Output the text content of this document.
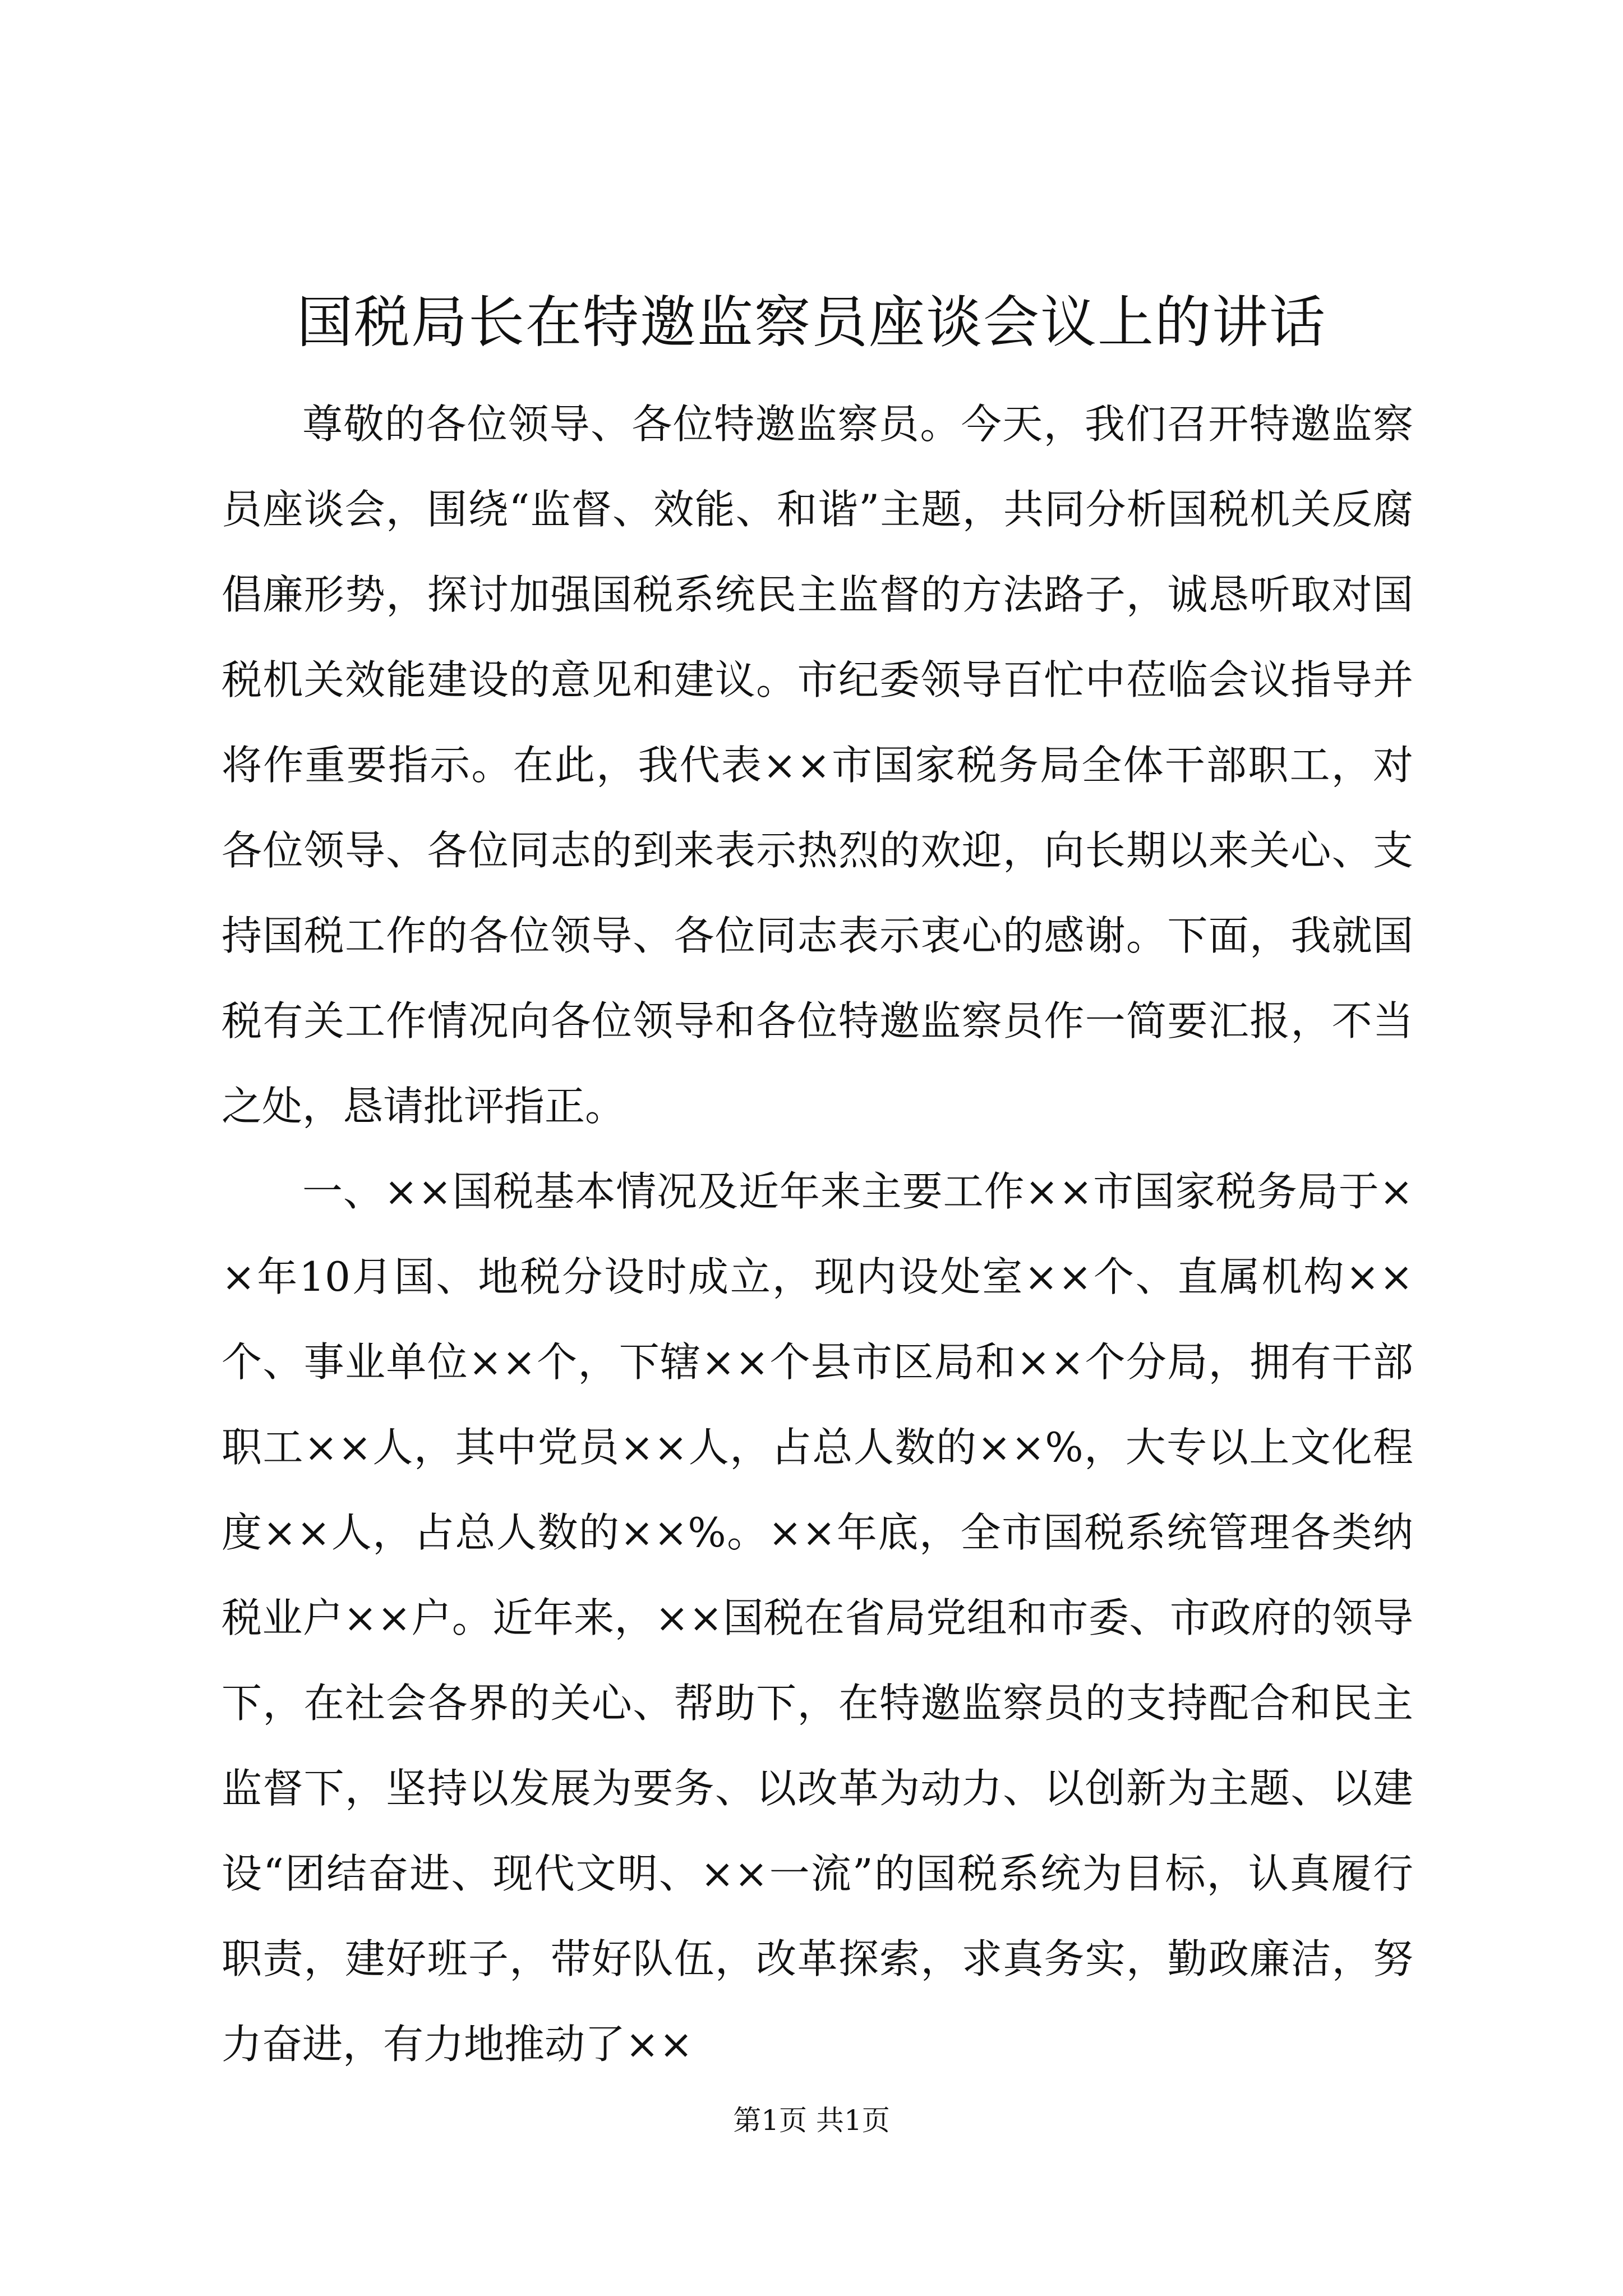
国税局长在特邀监察员座谈会议上的讲话

尊敬的各位领导、各位特邀监察员。今天，我们召开特邀监察员座谈会，围绕“监督、效能、和谐”主题，共同分析国税机关反腐倡廉形势，探讨加强国税系统民主监督的方法路子，诚恳听取对国税机关效能建设的意见和建议。市纪委领导百忙中莅临会议指导并将作重要指示。在此，我代表××市国家税务局全体干部职工，对各位领导、各位同志的到来表示热烈的欢迎，向长期以来关心、支持国税工作的各位领导、各位同志表示衷心的感谢。下面，我就国税有关工作情况向各位领导和各位特邀监察员作一简要汇报，不当之处，恳请批评指正。

一、××国税基本情况及近年来主要工作××市国家税务局于××年10月国、地税分设时成立，现内设处室××个、直属机构××个、事业单位××个，下辖××个县市区局和××个分局，拥有干部职工××人，其中党员××人，占总人数的××%，大专以上文化程度××人，占总人数的××%。××年底，全市国税系统管理各类纳税业户××户。近年来，××国税在省局党组和市委、市政府的领导下，在社会各界的关心、帮助下，在特邀监察员的支持配合和民主监督下，坚持以发展为要务、以改革为动力、以创新为主题、以建设“团结奋进、现代文明、××一流”的国税系统为目标，认真履行职责，建好班子，带好队伍，改革探索，求真务实，勤政廉洁，努力奋进，有力地推动了××

第1页 共1页
